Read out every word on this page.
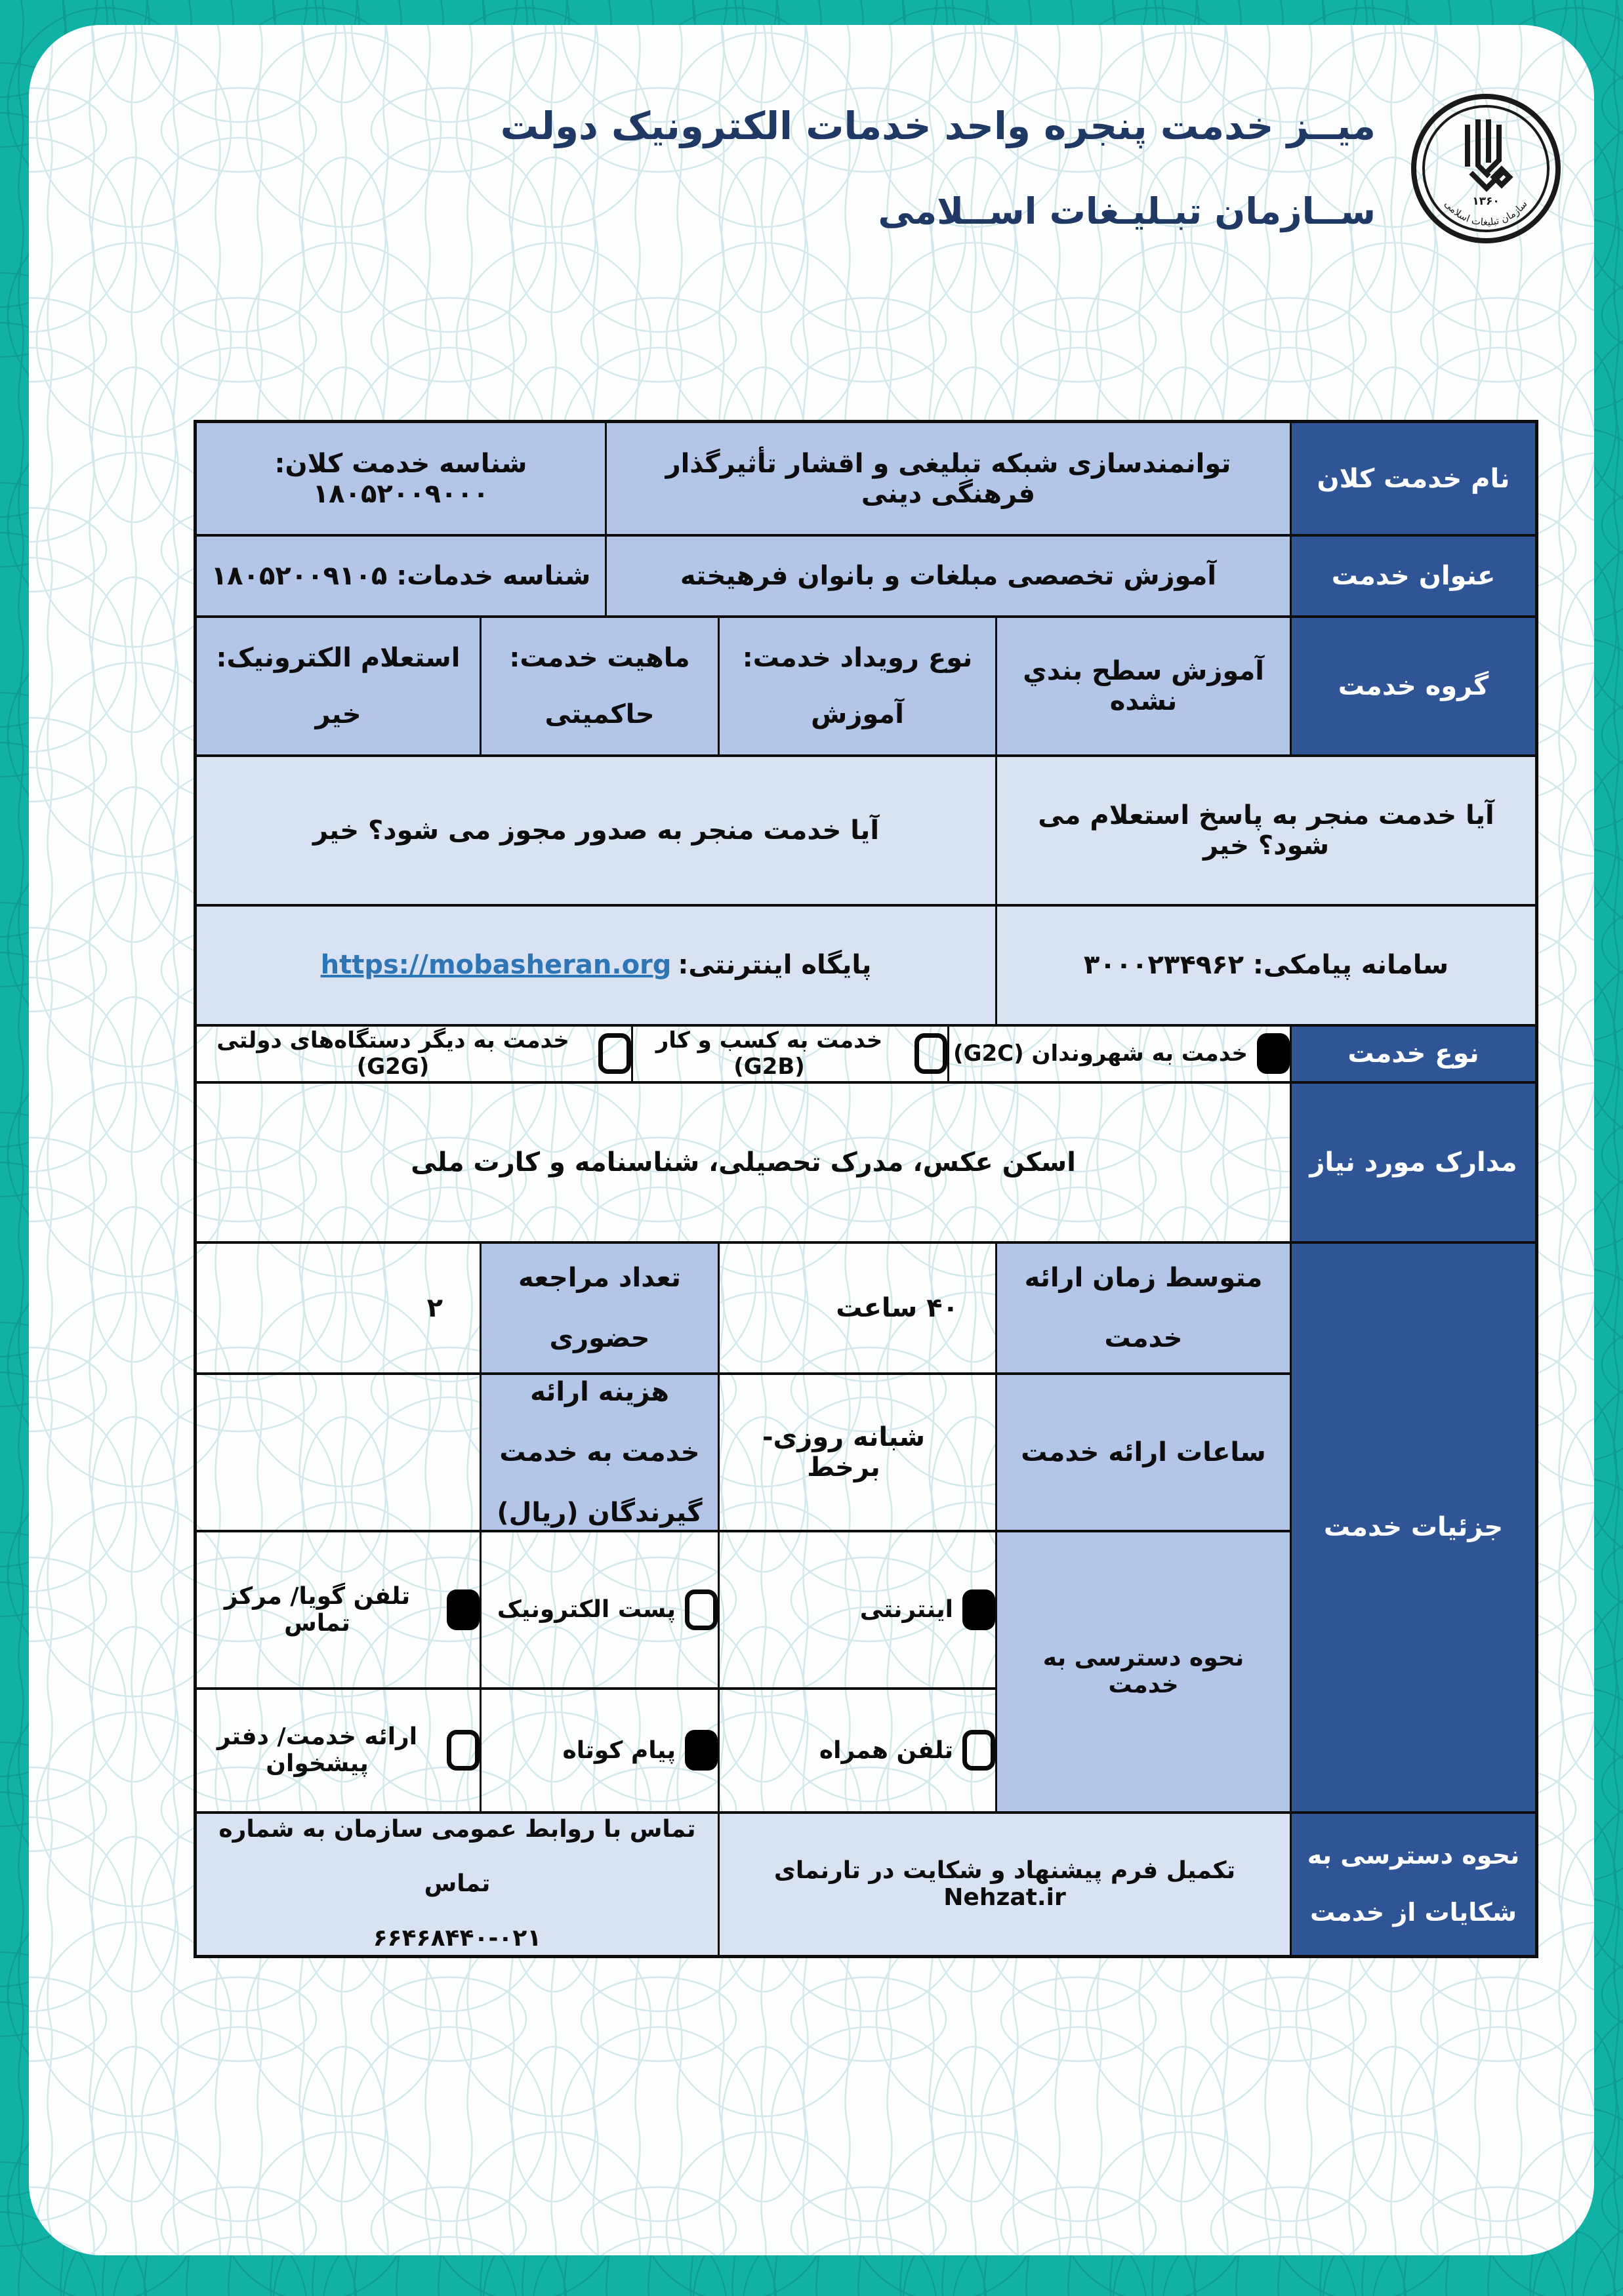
میــز خدمت پنجره واحد خدمات الکترونیک دولت
ســازمان تبـلیـغات اســلامی	۱۳۶۰
سازمان تبلیغات اسلامی
نام خدمت کلان
توانمندسازی شبکه تبلیغی و اقشار تأثیرگذار فرهنگی دینی
شناسه خدمت کلان: ۱۸۰۵۲۰۰۹۰۰۰
عنوان خدمت
آموزش تخصصی مبلغات و بانوان فرهیخته
شناسه خدمات: ۱۸۰۵۲۰۰۹۱۰۵
گروه خدمت
آموزش سطح بندي نشده
نوع رویداد خدمت:
آموزش
ماهیت خدمت:
حاکمیتی
استعلام الکترونیک:
خیر
آیا خدمت منجر به پاسخ استعلام می شود؟ خیر
آیا خدمت منجر به صدور مجوز می شود؟ خیر
سامانه پیامکی: ۳۰۰۰۲۳۴۹۶۲
پایگاه اینترنتی:
https://mobasheran.org
نوع خدمت
خدمت به شهروندان (G2C)
خدمت به کسب و کار (G2B)
خدمت به دیگر دستگاه‌های دولتی (G2G)
مدارک مورد نیاز
اسکن عکس، مدرک تحصیلی، شناسنامه و کارت ملی
جزئیات خدمت
متوسط زمان ارائه خدمت
۴۰ ساعت
تعداد مراجعه حضوری
۲
ساعات ارائه خدمت
شبانه روزی- برخط
هزینه ارائه خدمت به خدمت گیرندگان (ریال)
نحوه دسترسی به خدمت
اینترنتی
پست الکترونیک
تلفن گویا/ مرکز تماس
تلفن همراه
پیام کوتاه
ارائه خدمت/ دفتر پیشخوان
نحوه دسترسی به
شکایات از خدمت
تکمیل فرم پیشنهاد و شکایت در تارنمای Nehzat.ir
تماس با روابط عمومی سازمان به شماره تماس
۶۶۴۶۸۴۴۰-۰۲۱
